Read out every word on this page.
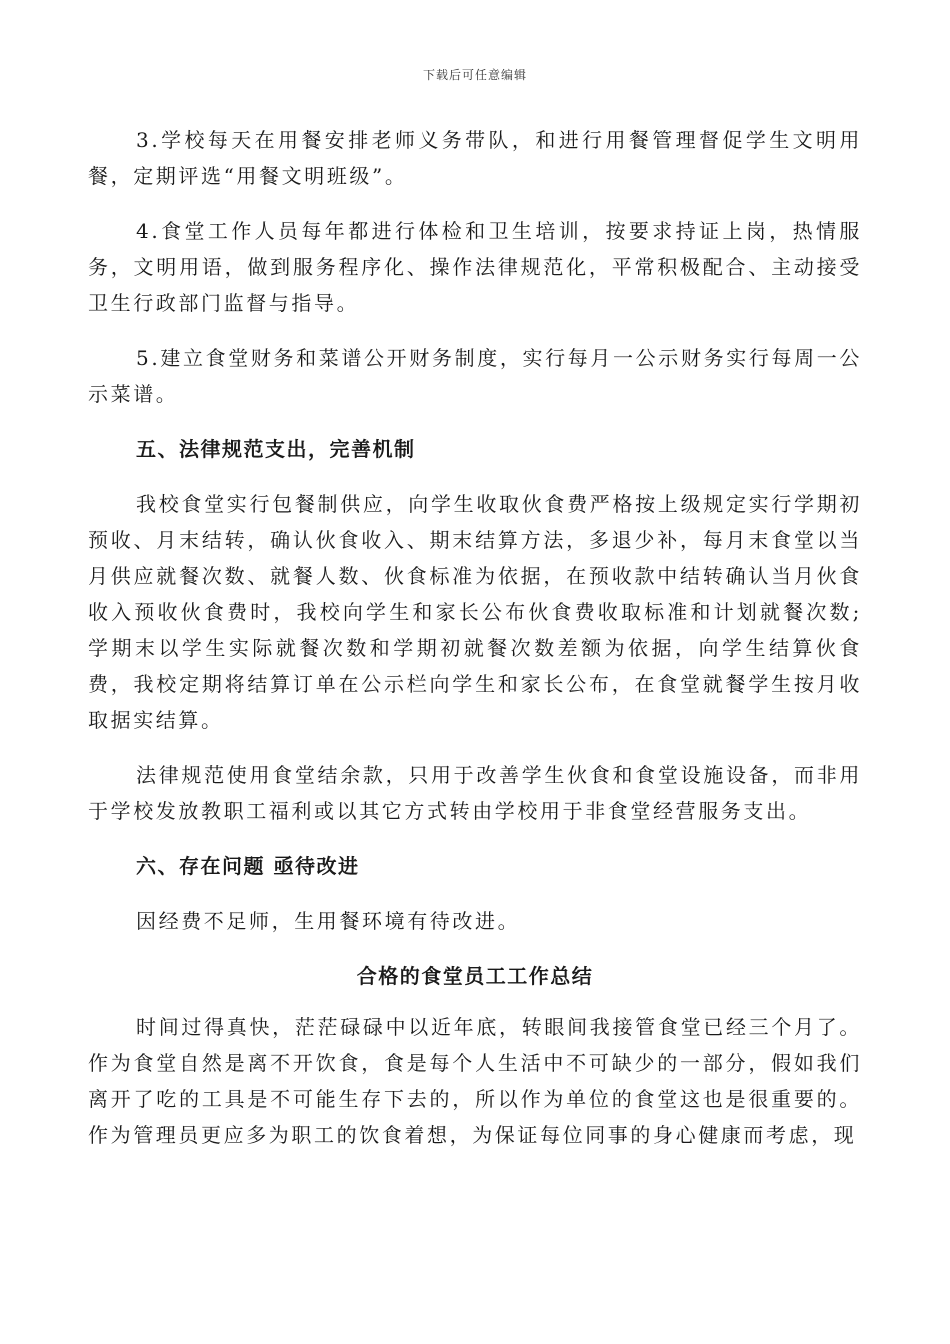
下载后可任意编辑

3.学校每天在用餐安排老师义务带队，和进行用餐管理督促学生文明用餐，定期评选“用餐文明班级”。

4.食堂工作人员每年都进行体检和卫生培训，按要求持证上岗，热情服务，文明用语，做到服务程序化、操作法律规范化，平常积极配合、主动接受卫生行政部门监督与指导。

5.建立食堂财务和菜谱公开财务制度，实行每月一公示财务实行每周一公示菜谱。

五、法律规范支出，完善机制

我校食堂实行包餐制供应，向学生收取伙食费严格按上级规定实行学期初预收、月末结转，确认伙食收入、期末结算方法，多退少补，每月末食堂以当月供应就餐次数、就餐人数、伙食标准为依据，在预收款中结转确认当月伙食收入预收伙食费时，我校向学生和家长公布伙食费收取标准和计划就餐次数;学期末以学生实际就餐次数和学期初就餐次数差额为依据，向学生结算伙食费，我校定期将结算订单在公示栏向学生和家长公布，在食堂就餐学生按月收取据实结算。

法律规范使用食堂结余款，只用于改善学生伙食和食堂设施设备，而非用于学校发放教职工福利或以其它方式转由学校用于非食堂经营服务支出。

六、存在问题 亟待改进

因经费不足师，生用餐环境有待改进。

合格的食堂员工工作总结

时间过得真快，茫茫碌碌中以近年底，转眼间我接管食堂已经三个月了。作为食堂自然是离不开饮食，食是每个人生活中不可缺少的一部分，假如我们离开了吃的工具是不可能生存下去的，所以作为单位的食堂这也是很重要的。作为管理员更应多为职工的饮食着想，为保证每位同事的身心健康而考虑，现
